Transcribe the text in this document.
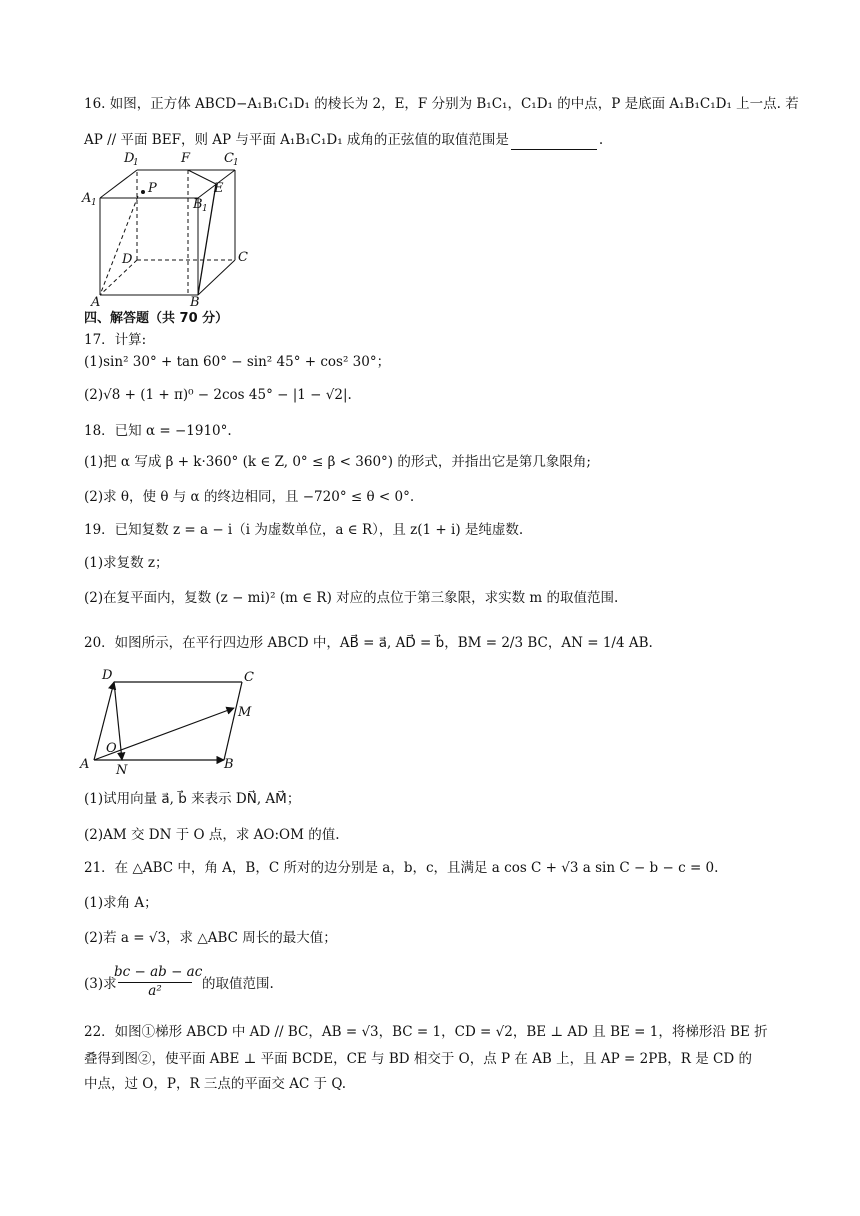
16. 如图，正方体 ABCD−A₁B₁C₁D₁ 的棱长为 2，E，F 分别为 B₁C₁，C₁D₁ 的中点，P 是底面 A₁B₁C₁D₁ 上一点. 若
AP // 平面 BEF，则 AP 与平面 A₁B₁C₁D₁ 成角的正弦值的取值范围是	.
D
1	F	C 1
A 1
P	E
B 1
D	C
A	B
四、解答题（共 70 分）
17．计算:
(1)sin² 30° + tan 60° − sin² 45° + cos² 30°；
(2)√8 + (1 + π)⁰ − 2cos 45° − |1 − √2|.
18．已知 α = −1910°.
(1)把 α 写成 β + k·360° (k ∈ Z, 0° ≤ β < 360°) 的形式，并指出它是第几象限角;
(2)求 θ，使 θ 与 α 的终边相同，且 −720° ≤ θ < 0°.
19．已知复数 z = a − i（i 为虚数单位，a ∈ R），且 z(1 + i) 是纯虚数.
(1)求复数 z；
(2)在复平面内，复数 (z − mi)² (m ∈ R) 对应的点位于第三象限，求实数 m 的取值范围.
20．如图所示，在平行四边形 ABCD 中，AB⃗ = a⃗, AD⃗ = b⃗，BM = 2/3 BC，AN = 1/4 AB.
D	C
M
O
A N	B
(1)试用向量 a⃗, b⃗ 来表示 DN⃗, AM⃗；
(2)AM 交 DN 于 O 点，求 AO:OM 的值.
21．在 △ABC 中，角 A，B，C 所对的边分别是 a，b，c，且满足 a cos C + √3 a sin C − b − c = 0.
(1)求角 A；
(2)若 a = √3，求 △ABC 周长的最大值；
(3)求
bc − ab − ac
a²	的取值范围.
22．如图①梯形 ABCD 中 AD // BC，AB = √3，BC = 1，CD = √2，BE ⊥ AD 且 BE = 1，将梯形沿 BE 折
叠得到图②，使平面 ABE ⊥ 平面 BCDE，CE 与 BD 相交于 O，点 P 在 AB 上，且 AP = 2PB，R 是 CD 的
中点，过 O，P，R 三点的平面交 AC 于 Q.
